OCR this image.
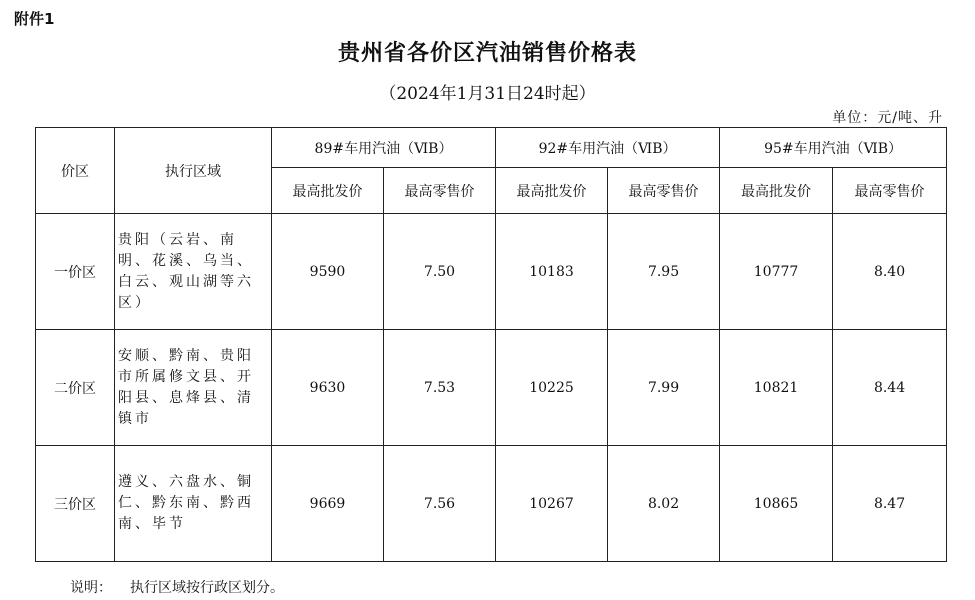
附件1
贵州省各价区汽油销售价格表
（2024年1月31日24时起）
单位：元/吨、升
价区	执行区域	89#车用汽油（ⅥB）		92#车用汽油（ⅥB）		95#车用汽油（ⅥB）	
		最高批发价	最高零售价	最高批发价	最高零售价	最高批发价	最高零售价
一价区	贵阳（云岩、南明、花溪、乌当、白云、观山湖等六区）	9590	7.50	10183	7.95	10777	8.40
二价区	安顺、黔南、贵阳市所属修文县、开阳县、息烽县、清镇市	9630	7.53	10225	7.99	10821	8.44
三价区	遵义、六盘水、铜仁、黔东南、黔西南、毕节	9669	7.56	10267	8.02	10865	8.47
说明： 执行区域按行政区划分。
